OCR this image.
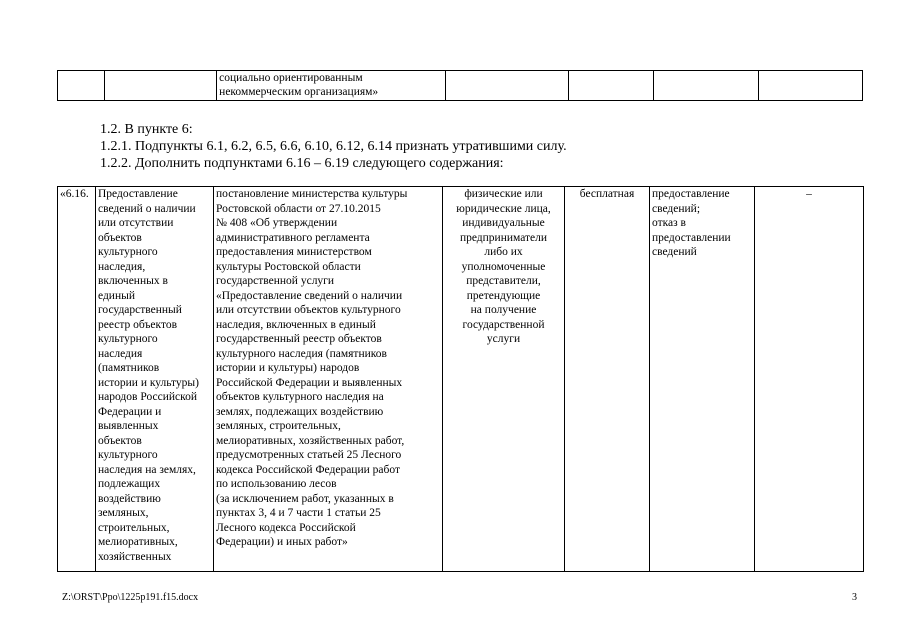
		социально ориентированным
некоммерческим организациям»				
1.2. В пункте 6:
1.2.1. Подпункты 6.1, 6.2, 6.5, 6.6, 6.10, 6.12, 6.14 признать утратившими силу.
1.2.2. Дополнить подпунктами 6.16 – 6.19 следующего содержания:
«6.16.	Предоставление
сведений о наличии
или отсутствии
объектов
культурного
наследия,
включенных в
единый
государственный
реестр объектов
культурного
наследия
(памятников
истории и культуры)
народов Российской
Федерации и
выявленных
объектов
культурного
наследия на землях,
подлежащих
воздействию
земляных,
строительных,
мелиоративных,
хозяйственных	постановление министерства культуры
Ростовской области от 27.10.2015
№ 408 «Об утверждении
административного регламента
предоставления министерством
культуры Ростовской области
государственной услуги
«Предоставление сведений о наличии
или отсутствии объектов культурного
наследия, включенных в единый
государственный реестр объектов
культурного наследия (памятников
истории и культуры) народов
Российской Федерации и выявленных
объектов культурного наследия на
землях, подлежащих воздействию
земляных, строительных,
мелиоративных, хозяйственных работ,
предусмотренных статьей 25 Лесного
кодекса Российской Федерации работ
по использованию лесов
(за исключением работ, указанных в
пунктах 3, 4 и 7 части 1 статьи 25
Лесного кодекса Российской
Федерации) и иных работ»	физические или
юридические лица,
индивидуальные
предприниматели
либо их
уполномоченные
представители,
претендующие
на получение
государственной
услуги	бесплатная	предоставление
сведений;
отказ в
предоставлении
сведений	–
Z:\ORST\Ppo\1225p191.f15.docx	3
